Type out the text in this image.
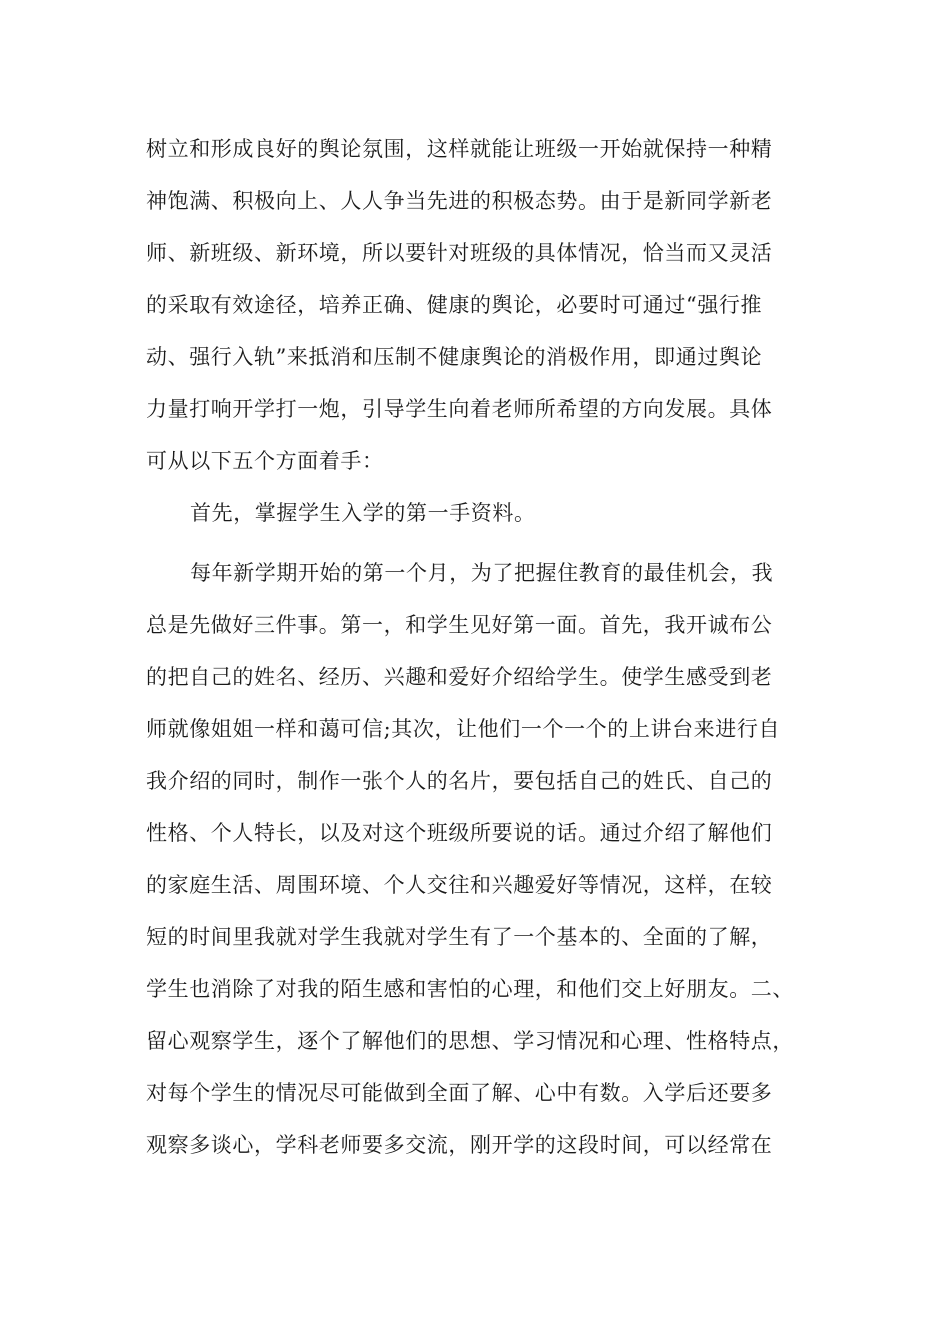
树立和形成良好的舆论氛围，这样就能让班级一开始就保持一种精
神饱满、积极向上、人人争当先进的积极态势。由于是新同学新老
师、新班级、新环境，所以要针对班级的具体情况，恰当而又灵活
的采取有效途径，培养正确、健康的舆论，必要时可通过“强行推
动、强行入轨”来抵消和压制不健康舆论的消极作用，即通过舆论
力量打响开学打一炮，引导学生向着老师所希望的方向发展。具体
可从以下五个方面着手：
首先，掌握学生入学的第一手资料。
每年新学期开始的第一个月，为了把握住教育的最佳机会，我
总是先做好三件事。第一，和学生见好第一面。首先，我开诚布公
的把自己的姓名、经历、兴趣和爱好介绍给学生。使学生感受到老
师就像姐姐一样和蔼可信;其次，让他们一个一个的上讲台来进行自
我介绍的同时，制作一张个人的名片，要包括自己的姓氏、自己的
性格、个人特长，以及对这个班级所要说的话。通过介绍了解他们
的家庭生活、周围环境、个人交往和兴趣爱好等情况，这样，在较
短的时间里我就对学生我就对学生有了一个基本的、全面的了解，
学生也消除了对我的陌生感和害怕的心理，和他们交上好朋友。二、
留心观察学生，逐个了解他们的思想、学习情况和心理、性格特点，
对每个学生的情况尽可能做到全面了解、心中有数。入学后还要多
观察多谈心，学科老师要多交流，刚开学的这段时间，可以经常在
